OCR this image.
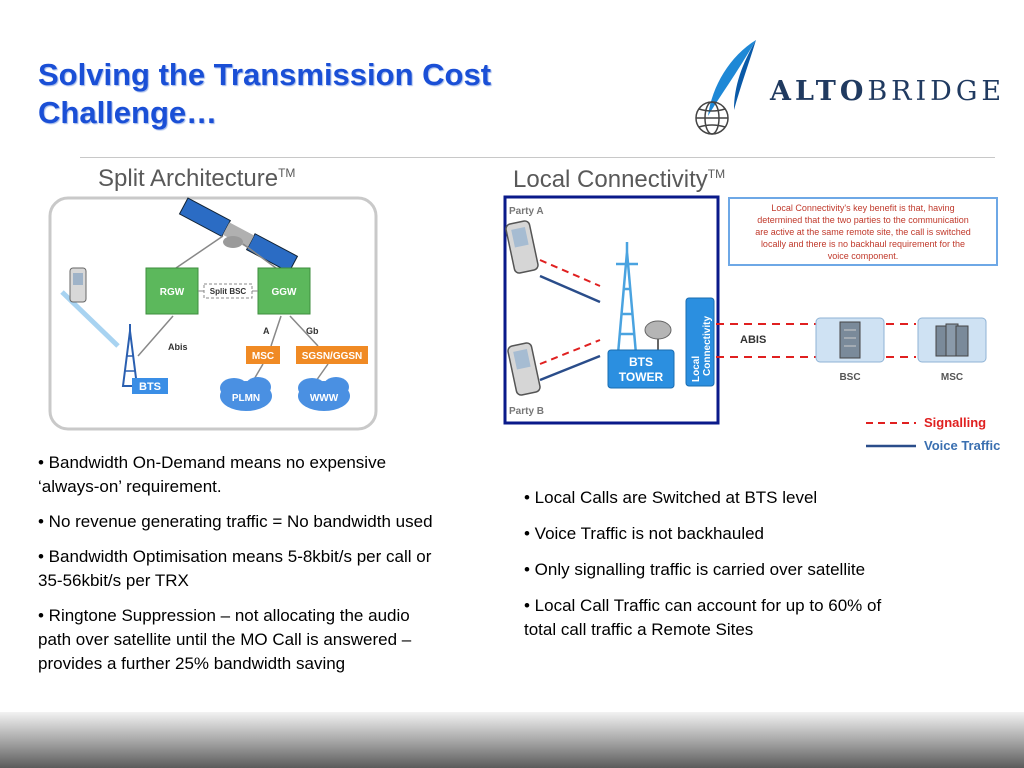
Solving the Transmission Cost Challenge…
ALTOBRIDGE
Split Architecture™	Local Connectivity™
BTS
RGW	GGW
Split BSC
Abis
A	Gb
MSC	SGSN/GGSN
PLMN	WWW
Party A
Party B
BTS
TOWER	Local Connectivity
Local Connectivity's key benefit is that, having
determined that the two parties to the communication
are active at the same remote site, the call is switched
locally and there is no backhaul requirement for the
voice component.
ABIS
BSC	MSC
Signalling
Voice Traffic

• Bandwidth On-Demand means no expensive ‘always-on’ requirement.

• No revenue generating traffic = No bandwidth used

• Bandwidth Optimisation means 5-8kbit/s per call or 35-56kbit/s per TRX

• Ringtone Suppression – not allocating the audio path over satellite until the MO Call is answered – provides a further 25% bandwidth saving

• Local Calls are Switched at BTS level

• Voice Traffic is not backhauled

• Only signalling traffic is carried over satellite

• Local Call Traffic can account for up to 60% of total call traffic a Remote Sites
